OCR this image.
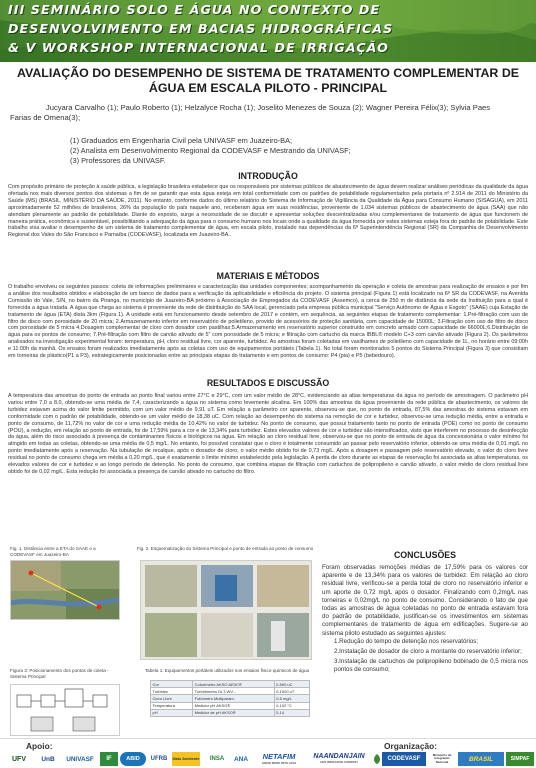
III SEMINÁRIO SOLO E ÁGUA NO CONTEXTO DE
DESENVOLVIMENTO EM BACIAS HIDROGRÁFICAS
& V WORKSHOP INTERNACIONAL DE IRRIGAÇÃO
AVALIAÇÃO DO DESEMPENHO DE SISTEMA DE TRATAMENTO COMPLEMENTAR DE
ÁGUA EM ESCALA PILOTO - PRINCIPAL
Jucyara Carvalho (1); Paulo Roberto (1); Helzalyce Rocha (1); Joselito Menezes de Souza (2); Wagner Pereira Félix(3); Sylvia Paes
Farias de Omena(3);
(1) Graduados em Engenharia Civil pela UNIVASF em Juazeiro-BA;
(2) Analista em Desenvolvimento Regional da CODEVASF e Mestrando da UNIVASF;
(3) Professores da UNIVASF.
INTRODUÇÃO
Com propósito primário de proteção à saúde pública, a legislação brasileira estabelece que os responsáveis por sistemas públicos de abastecimento de água devem realizar análises periódicas da qualidade da água ofertada nos mais diversos pontos dos sistemas a fim de se garantir que esta água esteja em total conformidade com os padrões de potabilidade regulamentados pela portaria nº 2.914 de 2011 do Ministério da Saúde (MS) (BRASIL, MINISTÉRIO DA SAÚDE, 2011). No entanto, conforme dados do último relatório do Sistema de Informação de Vigilância da Qualidade da Água para Consumo Humano (SISAGUA), em 2011 aproximadamente 52 milhões de brasileiros, 26% da população do país naquele ano, receberam água em suas residências, proveniente de 1.034 sistemas públicos de abastecimento de água (SAA) que não atendiam plenamente ao padrão de potabilidade. Diante do exposto, surge a necessidade de se discutir e apresentar soluções descentralizadas e/ou complementares de tratamento de água que funcionem de maneira prática, econômica e sustentável, possibilitando a adequação da água para o consumo humano nos locais onde a qualidade da água fornecida por estes sistemas esteja fora do padrão de potabilidade. Este trabalho visa avaliar o desempenho de um sistema de tratamento complementar de água, em escala piloto, instalado nas dependências da 6ª Superintendência Regional (SR) da Companhia de Desenvolvimento Regional dos Vales do São Francisco e Parnaíba (CODEVASF), localizada em Juazeiro-BA..
MATERIAIS E MÉTODOS
O trabalho envolveu os seguintes passos: coleta de informações preliminares e caracterização das unidades componentes; acompanhamento da operação e coleta de amostras para realização de ensaios e por fim a análise dos resultados obtidos e elaboração de um banco de dados para a verificação da aplicabilidade e eficiência do projeto. O sistema principal (Figura 1) está localizado na 6ª SR da CODEVASF, na Avenida Comissão do Vale, S/N, no bairro da Piranga, no município de Juazeiro-BA próximo à Associação de Empregados da CODEVASF (Assemco), a cerca de 250 m de distância da sede da Instituição para a qual é fornecida a água tratada. A água que chega ao sistema é proveniente da rede de distribuição do SAA local, gerenciado pela empresa pública municipal "Serviço Autônomo de Água e Esgoto" (SAAE) cuja Estação de tratamento de água (ETA) dista 3km (Figura 1). A unidade está em funcionamento desde setembro de 2017 e contém, em sequência, as seguintes etapas de tratamento complementar: 1.Pré-filtração com uso de filtro de disco com porosidade de 20 micra; 2.Armazenamento inferior em reservatório de polietileno, provido de acessórios de proteção sanitária, com capacidade de 15000L; 3.Filtração com uso de filtro de disco com porosidade de 5 micra 4.Dosagem complementar de cloro com dosador com pastilhas;5.Armazenamento em reservatório superior construído em concreto armado com capacidade de 66000L;6.Distribuição de água para os pontos de consumo; 7.Pré-filtração com filtro de carvão ativado de 5" com porosidade de 5 micra; e filtração com cartucho da marca IBBL® modelo C+3 com carvão ativado (Figura 2). Os parâmetros analisados na investigação experimental foram: temperatura, pH, cloro residual livre, cor aparente, turbidez. As amostras foram coletadas em vasilhames de polietileno com capacidade de 1L, no horário entre 09:00h e 11:00h da manhã. Os ensaios foram realizados imediatamente após as coletas com uso de equipamentos portáteis (Tabela 1). No total foram monitorados 5 pontos do Sistema Principal (Figura 3) que consistiam em torneiras de plástico(P1 a P3), estrategicamente posicionadas entre as principais etapas do tratamento e em pontos de consumo: P4 (pia) e P5 (bebedouro).
RESULTADOS E DISCUSSÃO
A temperatura das amostras do ponto de entrada ao ponto final variou entre 27°C e 29°C, com um valor médio de 28°C, evidenciando as altas temperaturas da água no período de amostragem. O parâmetro pH variou entre 7,0 a 8,0, obtendo-se uma média de 7,4, caracterizando a água no sistema como levemente alcalina. Em 100% das amostras da água proveniente da rede pública de abastecimento, os valores de turbidez estavam acima do valor limite permitido, com um valor médio de 9,91 uT. Em relação a parâmetro cor aparente, observou-se que, no ponto de entrada, 87,5% das amostras do sistema estavam em conformidade com o padrão de potabilidade, obtendo-se um valor médio de 18,38 uC. Com relação ao desempenho do sistema na remoção de cor e turbidez, observou-se uma redução média, entre a entrada e ponto de consumo, de 11,72% no valor de cor e uma redução média de 10,42% no valor de turbidez. No ponto de consumo, que possui tratamento tanto no ponto de entrada (POE) como no ponto de consumo (POU), a redução, em relação ao ponto de entrada, foi de 17,59% para a cor e de 13,34% para turbidez. Estes elevados valores de cor e turbidez são intensificados, visto que interferem no processo de desinfecção da água, além do risco associado à presença de contaminantes físicos e biológicos na água. Em relação ao cloro residual livre, observou-se que no ponto de entrada de água da concessionária o valor mínimo foi atingido em todas as coletas, obtendo-se uma média de 0,5 mg/L. No entanto, foi possível constatar que o cloro é totalmente consumido ao passar pelo reservatório inferior, obtendo-se uma média de 0,01 mg/L no ponto imediatamente após a reservação. Na tubulação de recalque, após o dosador de cloro, o valor médio obtido foi de 0,73 mg/L. Após a dosagem e passagem pelo reservatório elevado, o valor do cloro livre residual no ponto de consumo chega em média a 0,20 mg/L, que é exatamente o limite mínimo estabelecido pela legislação. A perda de cloro durante as etapas de reservação foi associada as altas temperaturas, os elevados valores de cor e turbidez e ao longo período de detenção. No ponto de consumo, que combina etapas de filtração com cartuchos de polipropileno e carvão ativado, o valor médio de cloro residual livre obtido foi de 0,02 mg/L. Esta redução foi associada a presença de carvão ativado no cartucho do filtro.
Fig. 1. Distância entre a ETA do SAAE e a CODEVASF em Juazeiro-BA
Fig. 2. Esquematização do Sistema Principal e ponto de entrada ao ponto de consumo
Figura 3: Posicionamento dos pontos de coleta - Sistema Principal
Tabela 1: Equipamentos portáteis utilizados nos ensaios físico-químicos de água
Cor	Colorímetro AKSO AE0C®	0-500 uC
Turbidez	Turbidímetro DLT-WV...	0-1000 uT
Cloro Livre	Fotômetro Multiparam.	0-5 mg/L
Temperatura	Medidor pH AKSO®	0-100 °C
pH	Medidor de pH AKSO®	0-14
CONCLUSÕES
Foram observadas remoções médias de 17,59% para os valores cor aparente e de 13,34% para os valores de turbidez. Em relação ao cloro residual livre, verificou-se a perda total de cloro no reservatório inferior e um aporte de 0,72 mg/L após o dosador. Finalizando com 0,2mg/L nas torneiras e 0,02mg/L no ponto de consumo. Considerando o fato de que todas as amostras de água coletadas no ponto de entrada estavam fora do padrão de potabilidade, justifican-se os investimentos em sistemas complementares de tratamento de água em edificações. Sugere-se ao sistema piloto estudado as seguintes ajustes:
1.Redução do tempo de detenção nos reservatórios;
2.Instalação de dosador de cloro a montante do reservatório inferior;
3.Instalação de cartuchos de polipropileno bobinado de 0,5 micra nos pontos de consumo;
Apoio:	Organização:
UFV UnB UNIVASF IF	ABID UFRB Mato Ambiente INSA ANA NETAFIM
GROW MORE WITH LESS
NAANDANJAIN
JAIN IRRIGATION COMPANY	CODEVASF
Ministério da Integração Nacional	BRASIL	SIMPAF
